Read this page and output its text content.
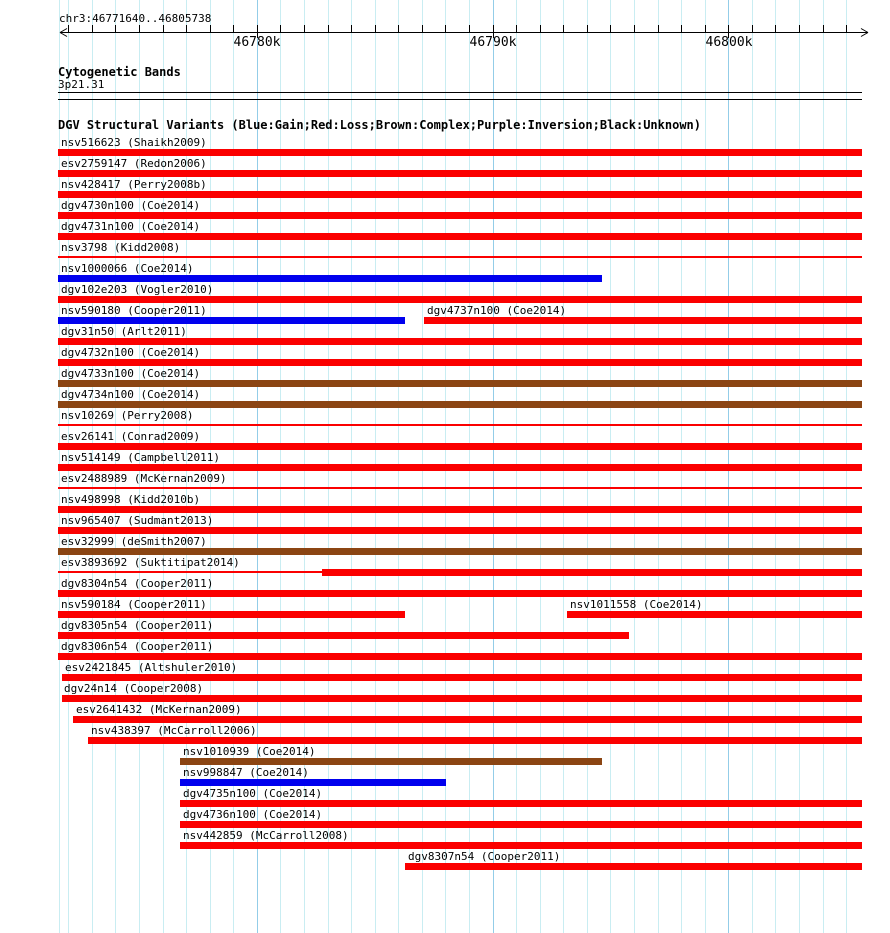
chr3:46771640..46805738
46780k	46790k	46800k
Cytogenetic Bands
3p21.31
DGV Structural Variants (Blue:Gain;Red:Loss;Brown:Complex;Purple:Inversion;Black:Unknown)
nsv516623 (Shaikh2009)
esv2759147 (Redon2006)
nsv428417 (Perry2008b)
dgv4730n100 (Coe2014)
dgv4731n100 (Coe2014)
nsv3798 (Kidd2008)
nsv1000066 (Coe2014)
dgv102e203 (Vogler2010)
nsv590180 (Cooper2011)	dgv4737n100 (Coe2014)
dgv31n50 (Arlt2011)
dgv4732n100 (Coe2014)
dgv4733n100 (Coe2014)
dgv4734n100 (Coe2014)
nsv10269 (Perry2008)
esv26141 (Conrad2009)
nsv514149 (Campbell2011)
esv2488989 (McKernan2009)
nsv498998 (Kidd2010b)
nsv965407 (Sudmant2013)
esv32999 (deSmith2007)
esv3893692 (Suktitipat2014)
dgv8304n54 (Cooper2011)
nsv590184 (Cooper2011)	nsv1011558 (Coe2014)
dgv8305n54 (Cooper2011)
dgv8306n54 (Cooper2011)
esv2421845 (Altshuler2010)
dgv24n14 (Cooper2008)
esv2641432 (McKernan2009)
nsv438397 (McCarroll2006)
nsv1010939 (Coe2014)
nsv998847 (Coe2014)
dgv4735n100 (Coe2014)
dgv4736n100 (Coe2014)
nsv442859 (McCarroll2008)
dgv8307n54 (Cooper2011)
